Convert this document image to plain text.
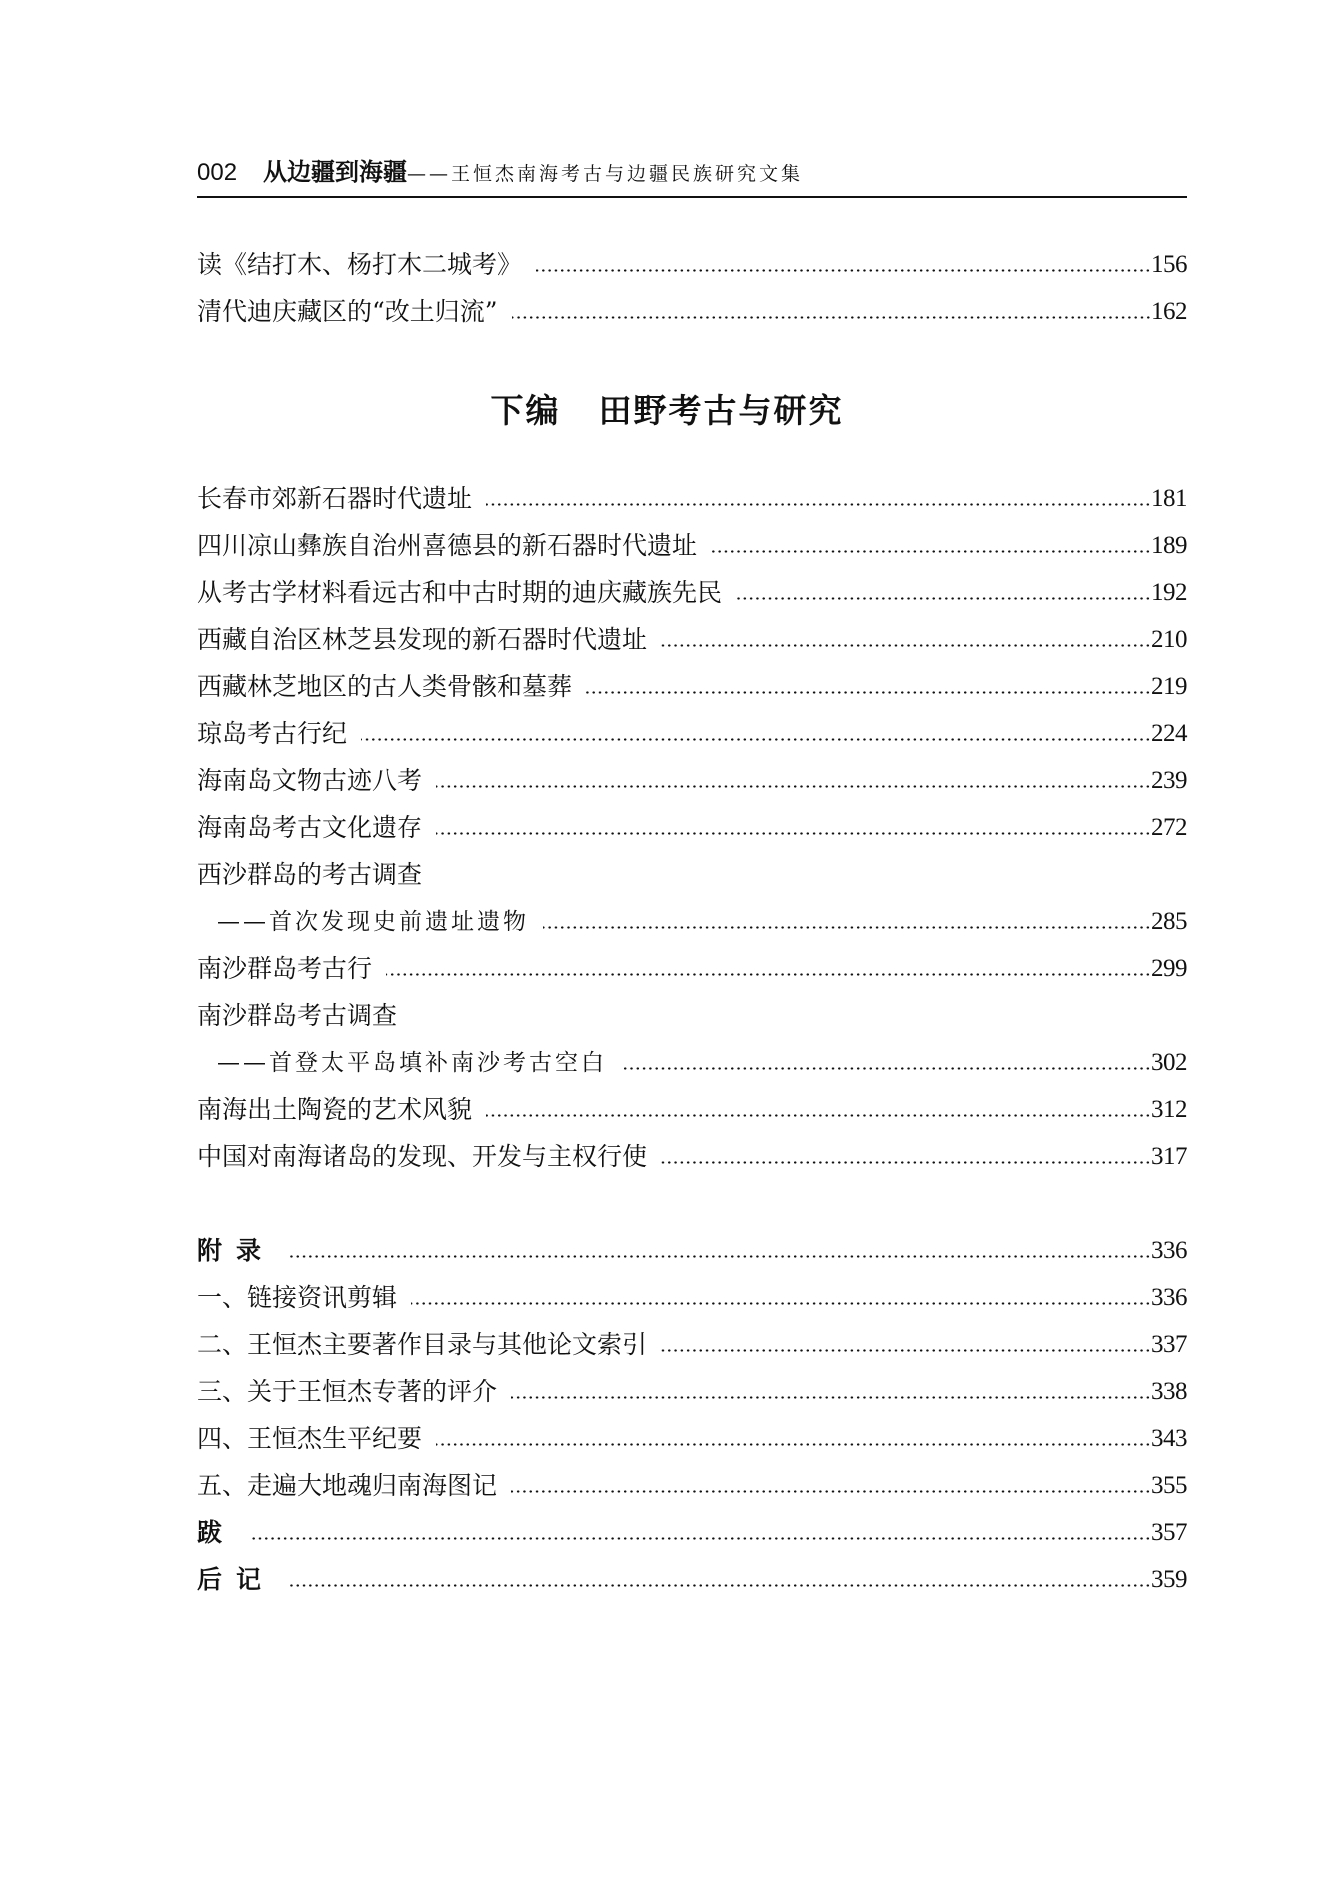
002 从边疆到海疆 ——王恒杰南海考古与边疆民族研究文集
读《结打木、杨打木二城考》	156
清代迪庆藏区的“改土归流”	162
长春市郊新石器时代遗址	181
四川凉山彝族自治州喜德县的新石器时代遗址	189
从考古学材料看远古和中古时期的迪庆藏族先民	192
西藏自治区林芝县发现的新石器时代遗址	210
西藏林芝地区的古人类骨骸和墓葬	219
琼岛考古行纪	224
海南岛文物古迹八考	239
海南岛考古文化遗存	272
西沙群岛的考古调查
——首次发现史前遗址遗物	285
南沙群岛考古行	299
南沙群岛考古调查
——首登太平岛填补南沙考古空白	302
南海出土陶瓷的艺术风貌	312
中国对南海诸岛的发现、开发与主权行使	317
附录	336
一、链接资讯剪辑	336
二、王恒杰主要著作目录与其他论文索引	337
三、关于王恒杰专著的评介	338
四、王恒杰生平纪要	343
五、走遍大地魂归南海图记	355
跋	357
后记	359
下编 田野考古与研究
